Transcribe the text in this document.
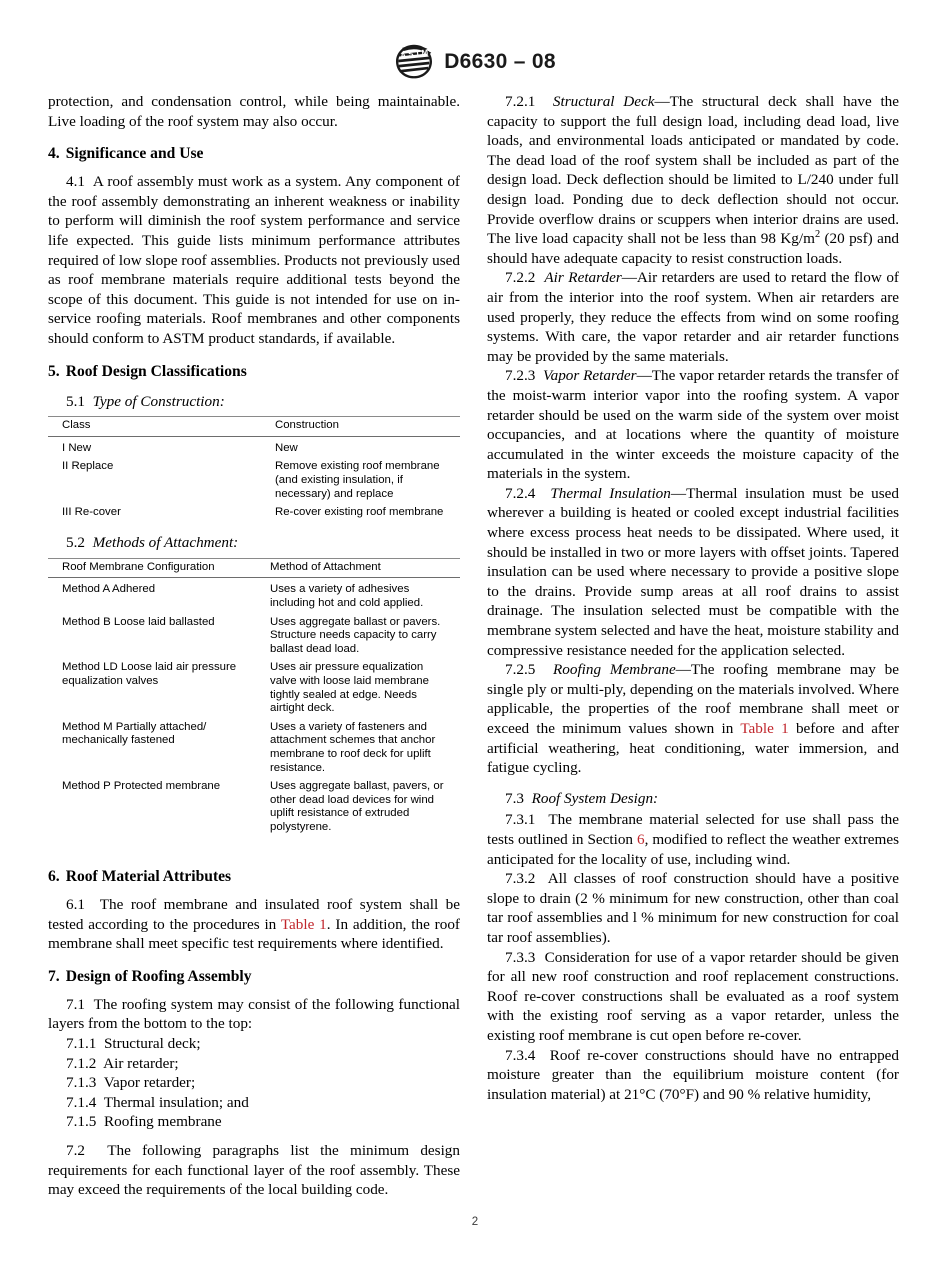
A S T M D6630 – 08

protection, and condensation control, while being maintainable. Live loading of the roof system may also occur.

4. Significance and Use

4.1 A roof assembly must work as a system. Any component of the roof assembly demonstrating an inherent weakness or inability to perform will diminish the roof system performance and service life expected. This guide lists minimum performance attributes required of low slope roof assemblies. Products not previously used as roof membrane materials require additional tests beyond the scope of this document. This guide is not intended for use on in-service roofing materials. Roof membranes and other components should conform to ASTM product standards, if available.

5. Roof Design Classifications
5.1 Type of Construction:
Class	Construction
I New	New
II Replace	Remove existing roof membrane (and existing insulation, if necessary) and replace
III Re-cover	Re-cover existing roof membrane
5.2 Methods of Attachment:
Roof Membrane Configuration	Method of Attachment
Method A Adhered	Uses a variety of adhesives including hot and cold applied.
Method B Loose laid ballasted	Uses aggregate ballast or pavers. Structure needs capacity to carry ballast dead load.
Method LD Loose laid air pressure equalization valves	Uses air pressure equalization valve with loose laid membrane tightly sealed at edge. Needs airtight deck.
Method M Partially attached/ mechanically fastened	Uses a variety of fasteners and attachment schemes that anchor membrane to roof deck for uplift resistance.
Method P Protected membrane	Uses aggregate ballast, pavers, or other dead load devices for wind uplift resistance of extruded polystyrene.
6. Roof Material Attributes

6.1 The roof membrane and insulated roof system shall be tested according to the procedures in Table 1. In addition, the roof membrane shall meet specific test requirements where identified.

7. Design of Roofing Assembly

7.1 The roofing system may consist of the following functional layers from the bottom to the top:

7.1.1 Structural deck;

7.1.2 Air retarder;

7.1.3 Vapor retarder;

7.1.4 Thermal insulation; and

7.1.5 Roofing membrane

7.2 The following paragraphs list the minimum design requirements for each functional layer of the roof assembly. These may exceed the requirements of the local building code.

7.2.1 Structural Deck—The structural deck shall have the capacity to support the full design load, including dead load, live loads, and environmental loads anticipated or mandated by code. The dead load of the roof system shall be included as part of the design load. Deck deflection should be limited to L/240 under full design load. Ponding due to deck deflection should not occur. Provide overflow drains or scuppers when interior drains are used. The live load capacity shall not be less than 98 $Kg/m^2$ (20 psf) and should have adequate capacity to resist construction loads.

7.2.2 Air Retarder—Air retarders are used to retard the flow of air from the interior into the roof system. When air retarders are used properly, they reduce the effects from wind on some roofing systems. With care, the vapor retarder and air retarder functions may be provided by the same materials.

7.2.3 Vapor Retarder—The vapor retarder retards the transfer of the moist-warm interior vapor into the roofing system. A vapor retarder should be used on the warm side of the system over moist occupancies, and at locations where the quantity of moisture accumulated in the winter exceeds the moisture capacity of the materials in the system.

7.2.4 Thermal Insulation—Thermal insulation must be used wherever a building is heated or cooled except industrial facilities where excess process heat needs to be dissipated. Where used, it should be installed in two or more layers with offset joints. Tapered insulation can be used where necessary to provide a positive slope to the drains. Provide sump areas at all roof drains to assist drainage. The insulation selected must be compatible with the membrane system selected and have the heat, moisture stability and compressive resistance needed for the application selected.

7.2.5 Roofing Membrane—The roofing membrane may be single ply or multi-ply, depending on the materials involved. Where applicable, the properties of the roof membrane shall meet or exceed the minimum values shown in Table 1 before and after artificial weathering, heat conditioning, water immersion, and fatigue cycling.

7.3 Roof System Design:

7.3.1 The membrane material selected for use shall pass the tests outlined in Section 6, modified to reflect the weather extremes anticipated for the locality of use, including wind.

7.3.2 All classes of roof construction should have a positive slope to drain (2 % minimum for new construction, other than coal tar roof assemblies and l % minimum for new construction for coal tar roof assemblies).

7.3.3 Consideration for use of a vapor retarder should be given for all new roof construction and roof replacement constructions. Roof re-cover constructions shall be evaluated as a roof system with the existing roof serving as a vapor retarder, unless the existing roof membrane is cut open before re-cover.

7.3.4 Roof re-cover constructions should have no entrapped moisture greater than the equilibrium moisture content (for insulation material) at 21°C (70°F) and 90 % relative humidity,

2
